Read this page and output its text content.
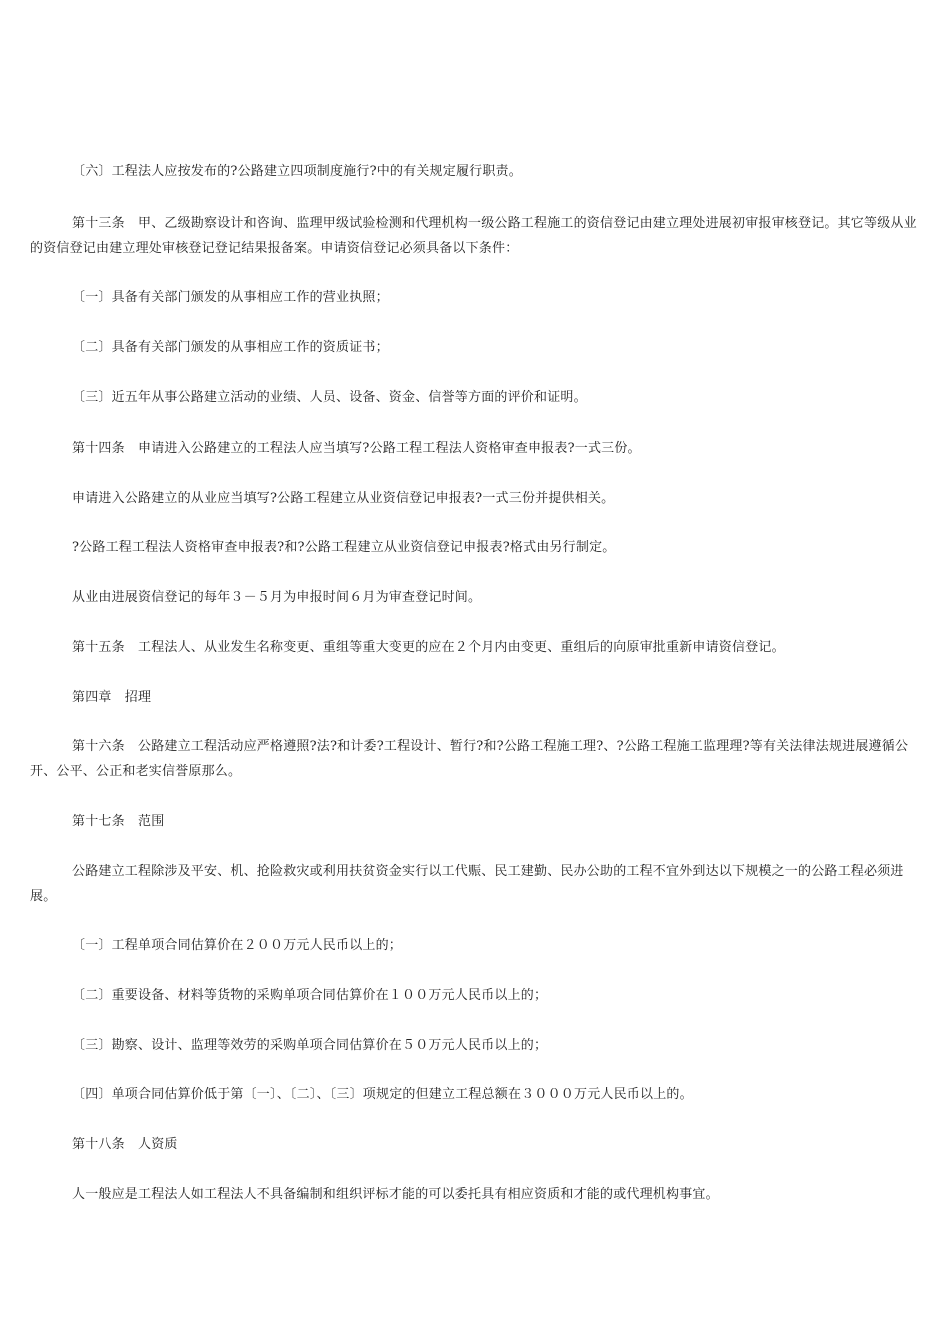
〔六〕工程法人应按发布的?公路建立四项制度施行?中的有关规定履行职责。

第十三条　甲、乙级勘察设计和咨询、监理甲级试验检测和代理机构一级公路工程施工的资信登记由建立理处进展初审报审核登记。其它等级从业的资信登记由建立理处审核登记登记结果报备案。申请资信登记必须具备以下条件：

〔一〕具备有关部门颁发的从事相应工作的营业执照；

〔二〕具备有关部门颁发的从事相应工作的资质证书；

〔三〕近五年从事公路建立活动的业绩、人员、设备、资金、信誉等方面的评价和证明。

第十四条　申请进入公路建立的工程法人应当填写?公路工程工程法人资格审查申报表?一式三份。

申请进入公路建立的从业应当填写?公路工程建立从业资信登记申报表?一式三份并提供相关。

?公路工程工程法人资格审查申报表?和?公路工程建立从业资信登记申报表?格式由另行制定。

从业由进展资信登记的每年３－５月为申报时间６月为审查登记时间。

第十五条　工程法人、从业发生名称变更、重组等重大变更的应在２个月内由变更、重组后的向原审批重新申请资信登记。

第四章　招理

第十六条　公路建立工程活动应严格遵照?法?和计委?工程设计、暂行?和?公路工程施工理?、?公路工程施工监理理?等有关法律法规进展遵循公开、公平、公正和老实信誉原那么。

第十七条　范围

公路建立工程除涉及平安、机、抢险救灾或利用扶贫资金实行以工代赈、民工建勤、民办公助的工程不宜外到达以下规模之一的公路工程必须进展。

〔一〕工程单项合同估算价在２００万元人民币以上的；

〔二〕重要设备、材料等货物的采购单项合同估算价在１００万元人民币以上的；

〔三〕勘察、设计、监理等效劳的采购单项合同估算价在５０万元人民币以上的；

〔四〕单项合同估算价低于第〔一〕、〔二〕、〔三〕项规定的但建立工程总额在３０００万元人民币以上的。

第十八条　人资质

人一般应是工程法人如工程法人不具备编制和组织评标才能的可以委托具有相应资质和才能的或代理机构事宜。
